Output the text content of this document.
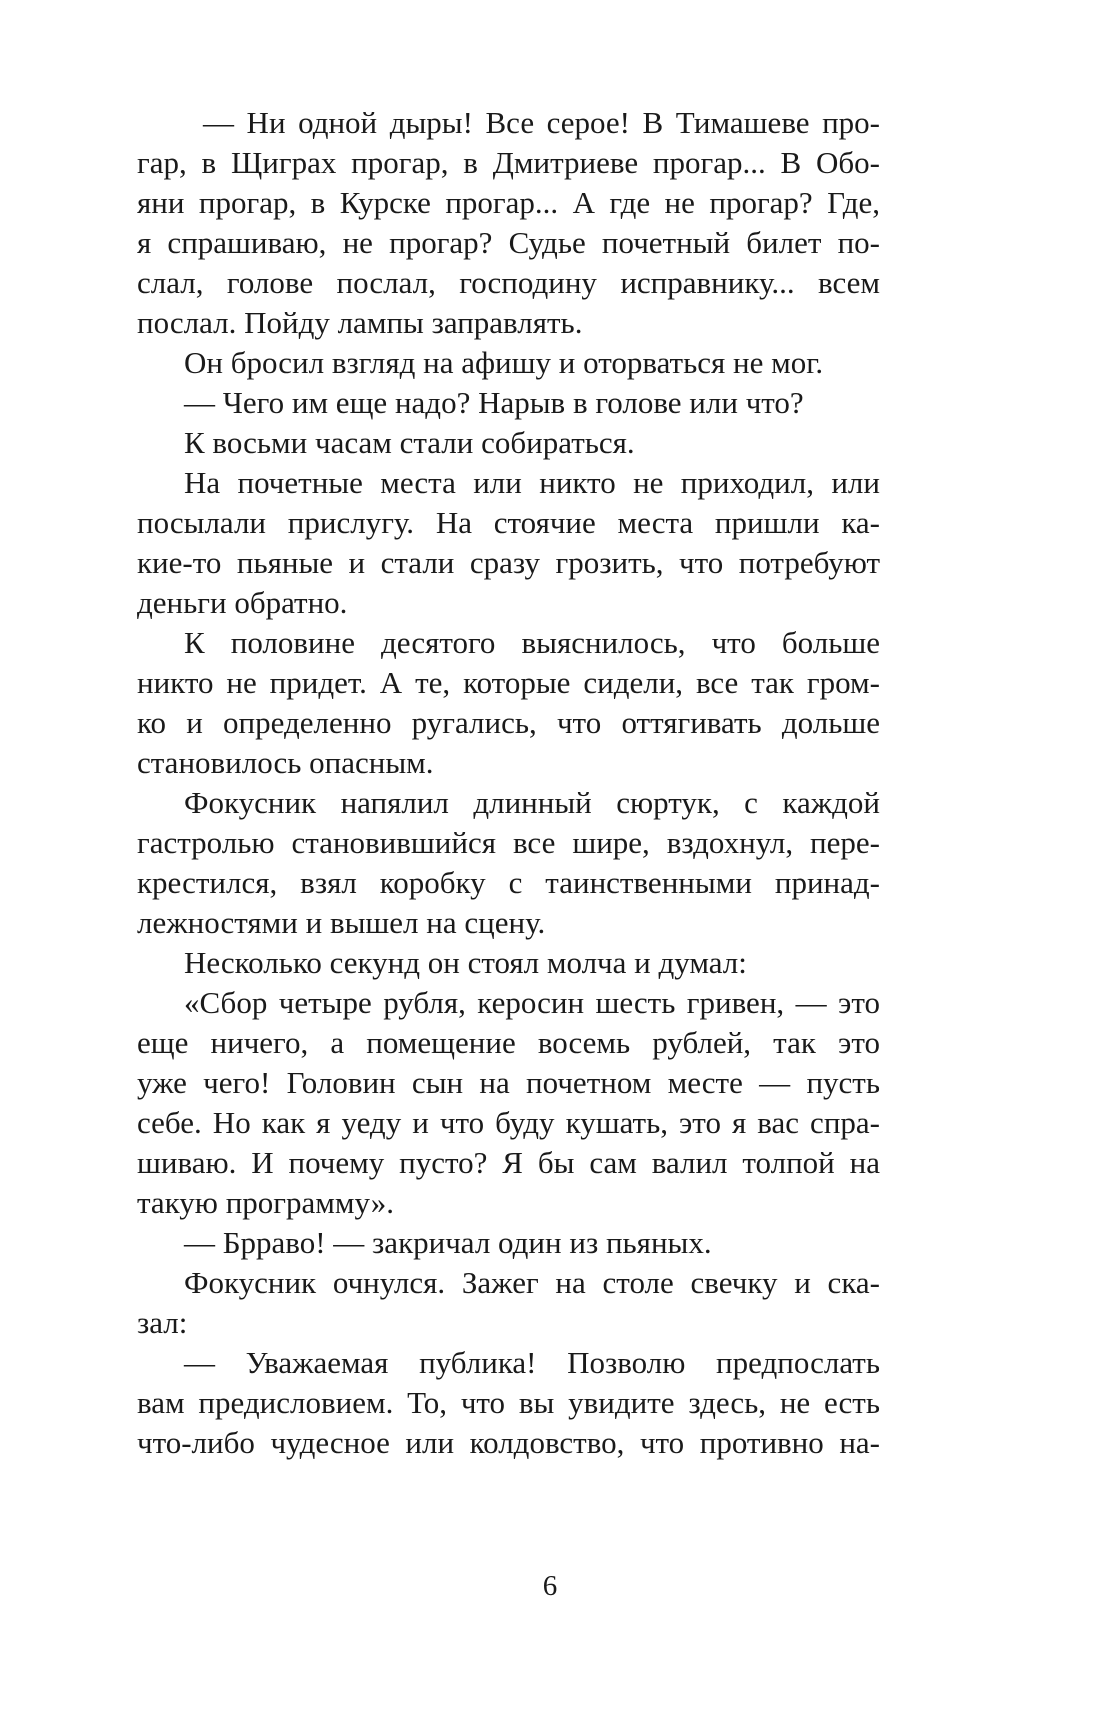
— Ни одной дыры! Все серое! В Тимашеве про-
гар, в Щиграх прогар, в Дмитриеве прогар... В Обо-
яни прогар, в Курске прогар... А где не прогар? Где,
я спрашиваю, не прогар? Судье почетный билет по-
слал, голове послал, господину исправнику... всем
послал. Пойду лампы заправлять.
Он бросил взгляд на афишу и оторваться не мог.
— Чего им еще надо? Нарыв в голове или что?
К восьми часам стали собираться.
На почетные места или никто не приходил, или
посылали прислугу. На стоячие места пришли ка-
кие-то пьяные и стали сразу грозить, что потребуют
деньги обратно.
К половине десятого выяснилось, что больше
никто не придет. А те, которые сидели, все так гром-
ко и определенно ругались, что оттягивать дольше
становилось опасным.
Фокусник напялил длинный сюртук, с каждой
гастролью становившийся все шире, вздохнул, пере-
крестился, взял коробку с таинственными принад-
лежностями и вышел на сцену.
Несколько секунд он стоял молча и думал:
«Сбор четыре рубля, керосин шесть гривен, — это
еще ничего, а помещение восемь рублей, так это
уже чего! Головин сын на почетном месте — пусть
себе. Но как я уеду и что буду кушать, это я вас спра-
шиваю. И почему пусто? Я бы сам валил толпой на
такую программу».
— Брраво! — закричал один из пьяных.
Фокусник очнулся. Зажег на столе свечку и ска-
зал:
— Уважаемая публика! Позволю предпослать
вам предисловием. То, что вы увидите здесь, не есть
что-либо чудесное или колдовство, что противно на-
6
